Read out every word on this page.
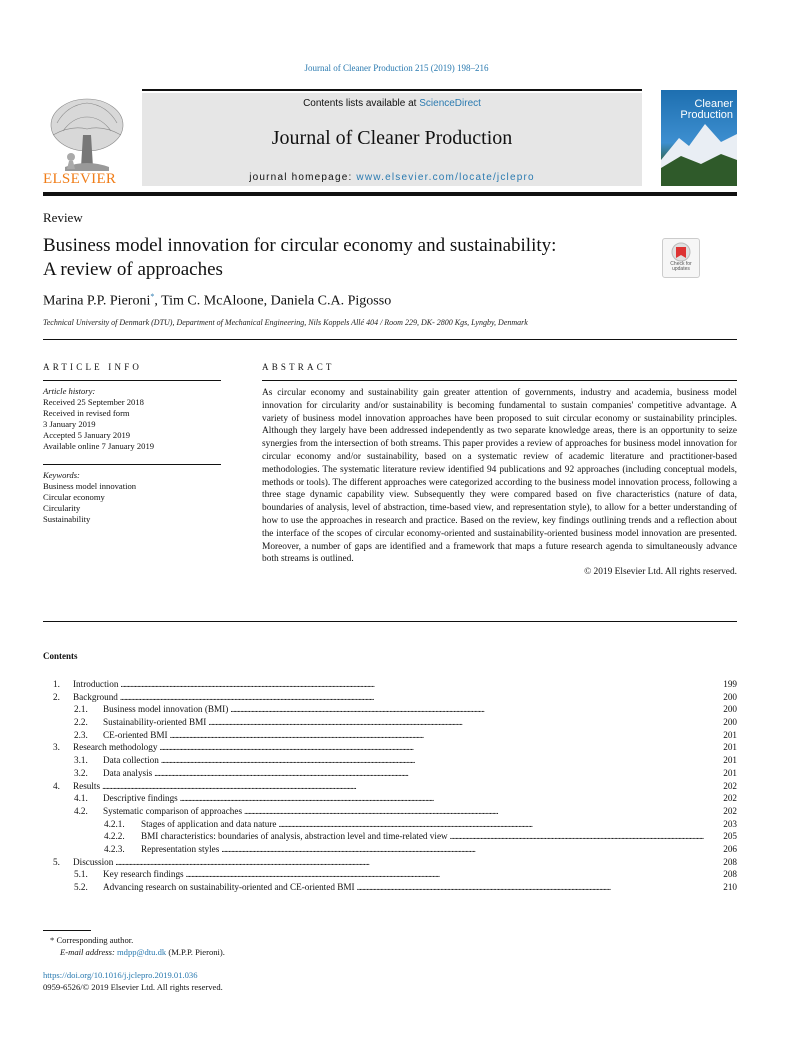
Journal of Cleaner Production 215 (2019) 198–216
ELSEVIER
Contents lists available at ScienceDirect
Journal of Cleaner Production
journal homepage: www.elsevier.com/locate/jclepro
Cleaner
Production
Review
Business model innovation for circular economy and sustainability:
A review of approaches	Check for
updates
Marina P.P. Pieroni*, Tim C. McAloone, Daniela C.A. Pigosso
Technical University of Denmark (DTU), Department of Mechanical Engineering, Nils Koppels Allé 404 / Room 229, DK- 2800 Kgs, Lyngby, Denmark
ARTICLE INFO
Article history:
Received 25 September 2018
Received in revised form
3 January 2019
Accepted 5 January 2019
Available online 7 January 2019
Keywords:
Business model innovation
Circular economy
Circularity
Sustainability
ABSTRACT
As circular economy and sustainability gain greater attention of governments, industry and academia, business model innovation for circularity and/or sustainability is becoming fundamental to sustain companies' competitive advantage. A variety of business model innovation approaches have been proposed to suit circular economy or sustainability principles. Although they largely have been addressed independently as two separate knowledge areas, there is an opportunity to seize synergies from the intersection of both streams. This paper provides a review of approaches for business model innovation for circular economy and/or sustainability, based on a systematic review of academic literature and practitioner-based methodologies. The systematic literature review identified 94 publications and 92 approaches (including conceptual models, methods or tools). The different approaches were categorized according to the business model innovation process, following a three stage dynamic capability view. Subsequently they were compared based on five characteristics (nature of data, boundaries of analysis, level of abstraction, time-based view, and representation style), to allow for a better understanding of how to use the approaches in research and practice. Based on the review, key findings outlining trends and a reflection about the interface of the scopes of circular economy-oriented and sustainability-oriented business model innovation are presented. Moreover, a number of gaps are identified and a framework that maps a future research agenda to simultaneously advance both streams is outlined.
© 2019 Elsevier Ltd. All rights reserved.
Contents
1.	Introduction . . .	199
2.	Background . . .	200
2.1.	Business model innovation (BMI) . . .	200
2.2.	Sustainability-oriented BMI . . .	200
2.3.	CE-oriented BMI . . .	201
3.	Research methodology . . .	201
3.1.	Data collection . . .	201
3.2.	Data analysis . . .	201
4.	Results . . .	202
4.1.	Descriptive findings . . .	202
4.2.	Systematic comparison of approaches . . .	202
4.2.1.	Stages of application and data nature . . .	203
4.2.2.	BMI characteristics: boundaries of analysis, abstraction level and time-related view . . .	205
4.2.3.	Representation styles . . .	206
5.	Discussion . . .	208
5.1.	Key research findings . . .	208
5.2.	Advancing research on sustainability-oriented and CE-oriented BMI . . .	210
* Corresponding author.
E-mail address: mdpp@dtu.dk (M.P.P. Pieroni).
https://doi.org/10.1016/j.jclepro.2019.01.036
0959-6526/© 2019 Elsevier Ltd. All rights reserved.
